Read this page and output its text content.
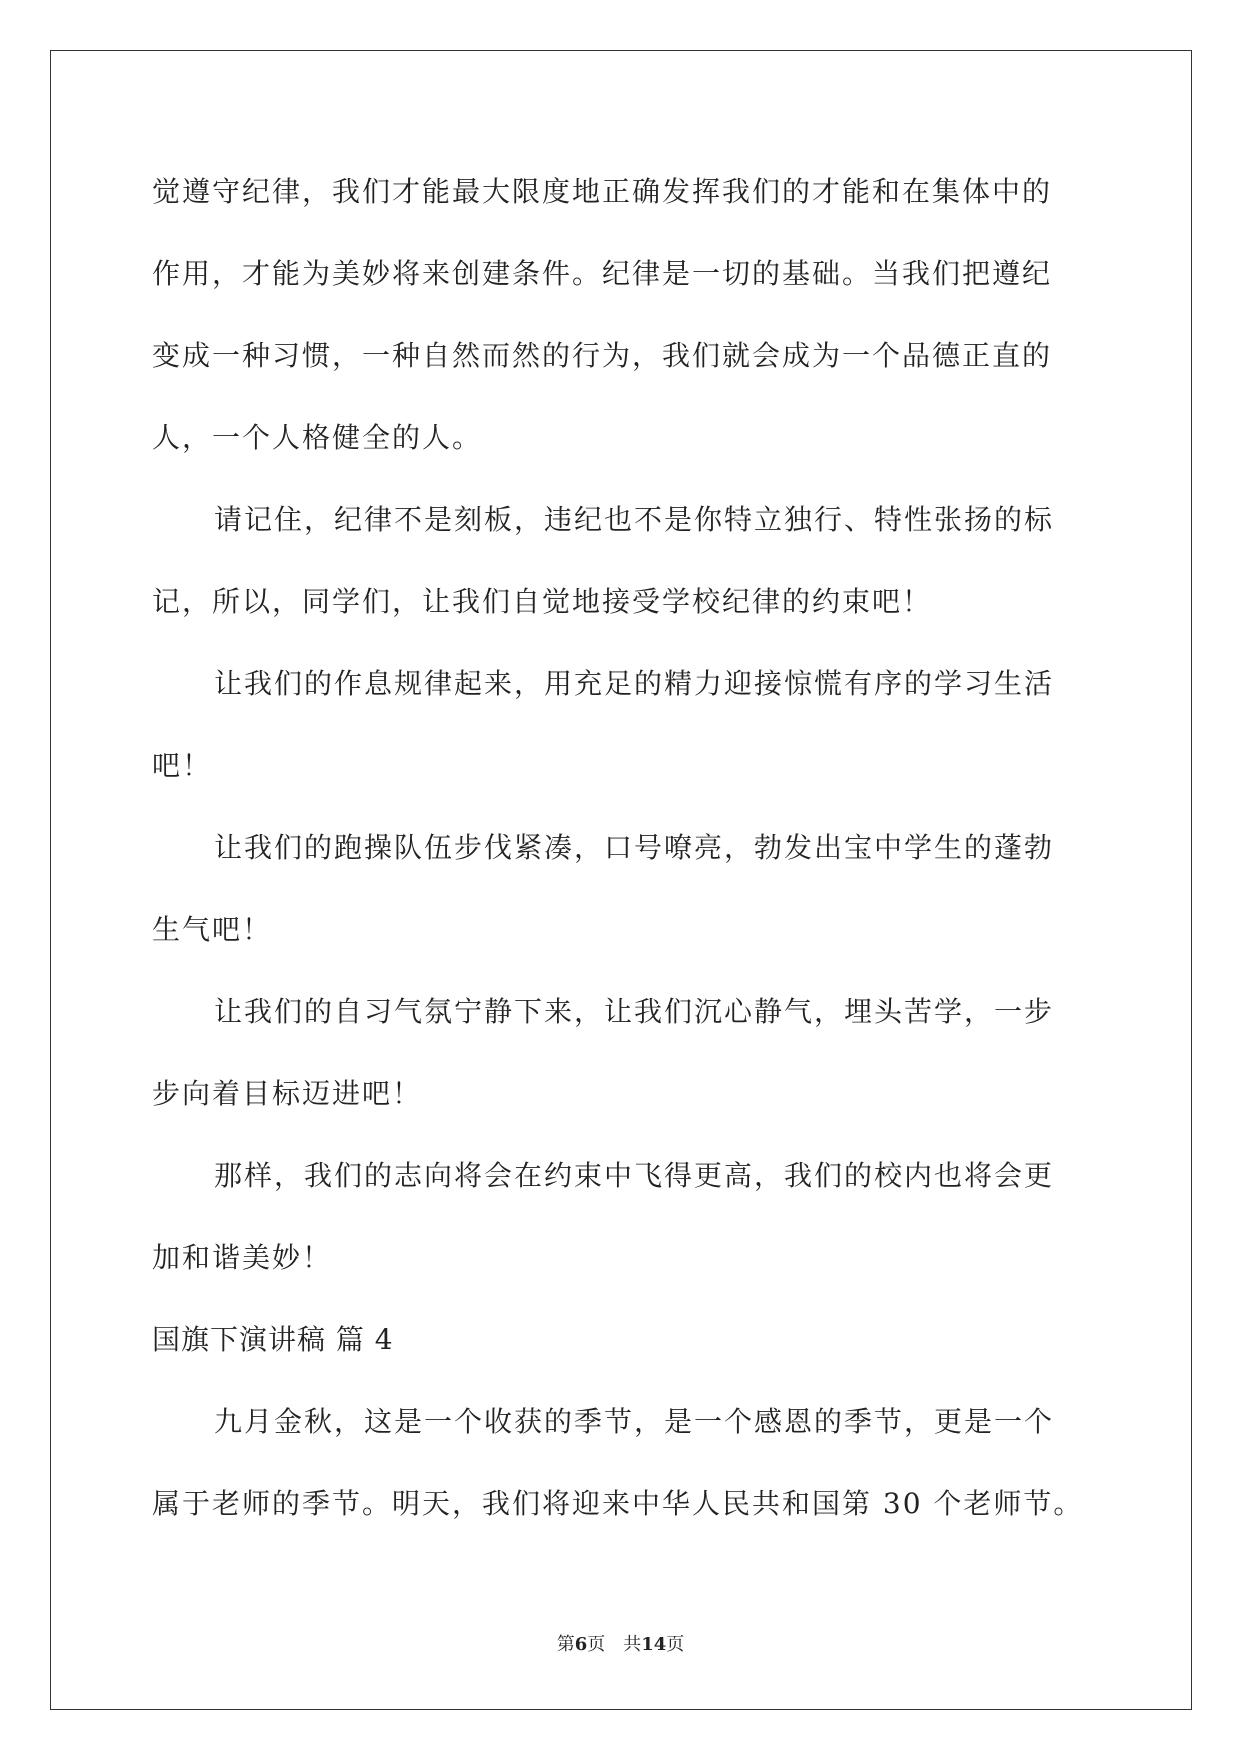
觉遵守纪律，我们才能最大限度地正确发挥我们的才能和在集体中的
作用，才能为美妙将来创建条件。纪律是一切的基础。当我们把遵纪
变成一种习惯，一种自然而然的行为，我们就会成为一个品德正直的
人，一个人格健全的人。
请记住，纪律不是刻板，违纪也不是你特立独行、特性张扬的标
记，所以，同学们，让我们自觉地接受学校纪律的约束吧！
让我们的作息规律起来，用充足的精力迎接惊慌有序的学习生活
吧！
让我们的跑操队伍步伐紧凑，口号嘹亮，勃发出宝中学生的蓬勃
生气吧！
让我们的自习气氛宁静下来，让我们沉心静气，埋头苦学，一步
步向着目标迈进吧！
那样，我们的志向将会在约束中飞得更高，我们的校内也将会更
加和谐美妙！
国旗下演讲稿 篇 4
九月金秋，这是一个收获的季节，是一个感恩的季节，更是一个
属于老师的季节。明天，我们将迎来中华人民共和国第 30 个老师节。
第6页 共14页
